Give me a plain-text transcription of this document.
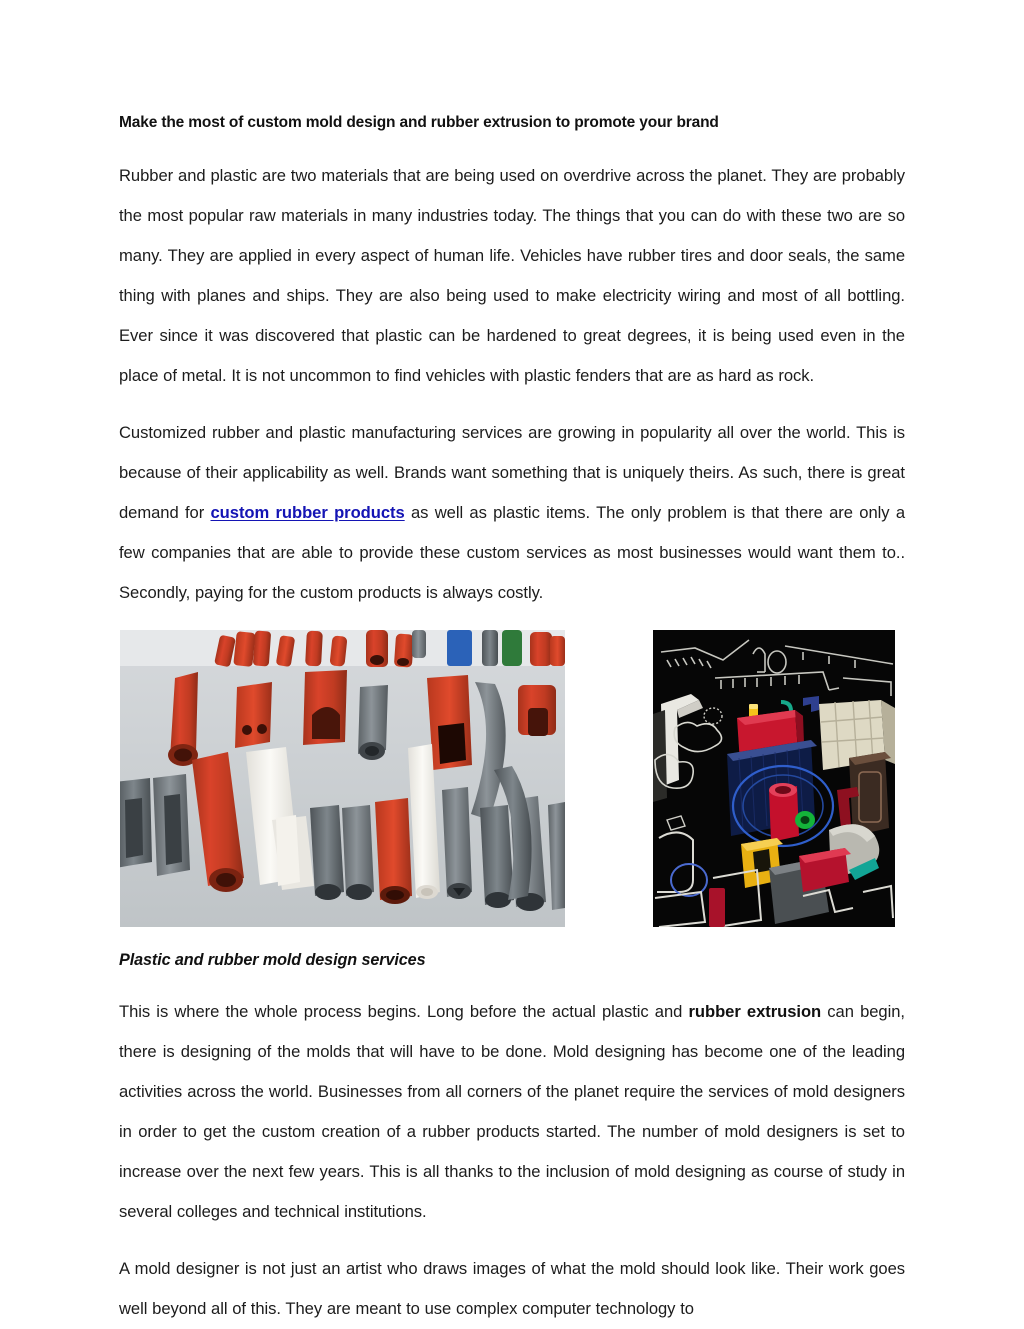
Make the most of custom mold design and rubber extrusion to promote your brand

Rubber and plastic are two materials that are being used on overdrive across the planet. They are probably the most popular raw materials in many industries today. The things that you can do with these two are so many. They are applied in every aspect of human life. Vehicles have rubber tires and door seals, the same thing with planes and ships. They are also being used to make electricity wiring and most of all bottling. Ever since it was discovered that plastic can be hardened to great degrees, it is being used even in the place of metal. It is not uncommon to find vehicles with plastic fenders that are as hard as rock.

Customized rubber and plastic manufacturing services are growing in popularity all over the world. This is because of their applicability as well. Brands want something that is uniquely theirs. As such, there is great demand for custom rubber products as well as plastic items. The only problem is that there are only a few companies that are able to provide these custom services as most businesses would want them to.. Secondly, paying for the custom products is always costly.

Plastic and rubber mold design services

This is where the whole process begins. Long before the actual plastic and rubber extrusion can begin, there is designing of the molds that will have to be done. Mold designing has become one of the leading activities across the world. Businesses from all corners of the planet require the services of mold designers in order to get the custom creation of a rubber products started. The number of mold designers is set to increase over the next few years. This is all thanks to the inclusion of mold designing as course of study in several colleges and technical institutions.

A mold designer is not just an artist who draws images of what the mold should look like. Their work goes well beyond all of this. They are meant to use complex computer technology to
